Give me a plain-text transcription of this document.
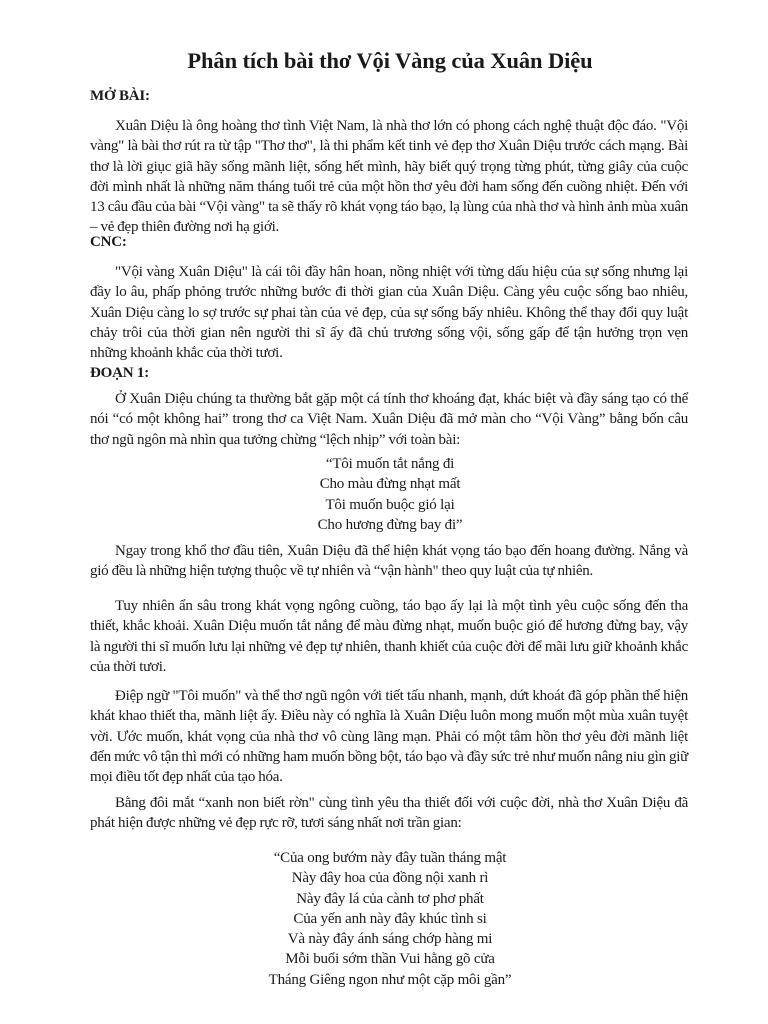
Phân tích bài thơ Vội Vàng của Xuân Diệu
MỞ BÀI:

Xuân Diệu là ông hoàng thơ tình Việt Nam, là nhà thơ lớn có phong cách nghệ thuật độc đáo. "Vội vàng" là bài thơ rút ra từ tập "Thơ thơ", là thi phẩm kết tinh vẻ đẹp thơ Xuân Diệu trước cách mạng. Bài thơ là lời giục giã hãy sống mãnh liệt, sống hết mình, hãy biết quý trọng từng phút, từng giây của cuộc đời mình nhất là những năm tháng tuổi trẻ của một hồn thơ yêu đời ham sống đến cuồng nhiệt. Đến với 13 câu đầu của bài “Vội vàng" ta sẽ thấy rõ khát vọng táo bạo, lạ lùng của nhà thơ và hình ảnh mùa xuân – vẻ đẹp thiên đường nơi hạ giới.

CNC:

"Vội vàng Xuân Diệu" là cái tôi đầy hân hoan, nồng nhiệt với từng dấu hiệu của sự sống nhưng lại đầy lo âu, phấp phỏng trước những bước đi thời gian của Xuân Diệu. Càng yêu cuộc sống bao nhiêu, Xuân Diệu càng lo sợ trước sự phai tàn của vẻ đẹp, của sự sống bấy nhiêu. Không thể thay đổi quy luật chảy trôi của thời gian nên người thi sĩ ấy đã chủ trương sống vội, sống gấp để tận hưởng trọn vẹn những khoảnh khắc của thời tươi.

ĐOẠN 1:

Ở Xuân Diệu chúng ta thường bắt gặp một cá tính thơ khoáng đạt, khác biệt và đầy sáng tạo có thể nói “có một không hai” trong thơ ca Việt Nam. Xuân Diệu đã mở màn cho “Vội Vàng” bằng bốn câu thơ ngũ ngôn mà nhìn qua tưởng chừng “lệch nhịp” với toàn bài:

“Tôi muốn tắt nắng đi
Cho màu đừng nhạt mất
Tôi muốn buộc gió lại
Cho hương đừng bay đi”

Ngay trong khổ thơ đầu tiên, Xuân Diệu đã thể hiện khát vọng táo bạo đến hoang đường. Nắng và gió đều là những hiện tượng thuộc về tự nhiên và “vận hành" theo quy luật của tự nhiên.

Tuy nhiên ẩn sâu trong khát vọng ngông cuồng, táo bạo ấy lại là một tình yêu cuộc sống đến tha thiết, khắc khoải. Xuân Diệu muốn tắt nắng để màu đừng nhạt, muốn buộc gió để hương đừng bay, vậy là người thi sĩ muốn lưu lại những vẻ đẹp tự nhiên, thanh khiết của cuộc đời để mãi lưu giữ khoảnh khắc của thời tươi.

Điệp ngữ "Tôi muốn" và thể thơ ngũ ngôn với tiết tấu nhanh, mạnh, dứt khoát đã góp phần thể hiện khát khao thiết tha, mãnh liệt ấy. Điều này có nghĩa là Xuân Diệu luôn mong muốn một mùa xuân tuyệt vời. Ước muốn, khát vọng của nhà thơ vô cùng lãng mạn. Phải có một tâm hồn thơ yêu đời mãnh liệt đến mức vô tận thì mới có những ham muốn bồng bột, táo bạo và đầy sức trẻ như muốn nâng niu gìn giữ mọi điều tốt đẹp nhất của tạo hóa.

Bằng đôi mắt “xanh non biết rờn" cùng tình yêu tha thiết đối với cuộc đời, nhà thơ Xuân Diệu đã phát hiện được những vẻ đẹp rực rỡ, tươi sáng nhất nơi trần gian:

“Của ong bướm này đây tuần tháng mật
Này đây hoa của đồng nội xanh rì
Này đây lá của cành tơ phơ phất
Của yến anh này đây khúc tình si
Và này đây ánh sáng chớp hàng mi
Mỗi buổi sớm thần Vui hằng gõ cửa
Tháng Giêng ngon như một cặp môi gần”
